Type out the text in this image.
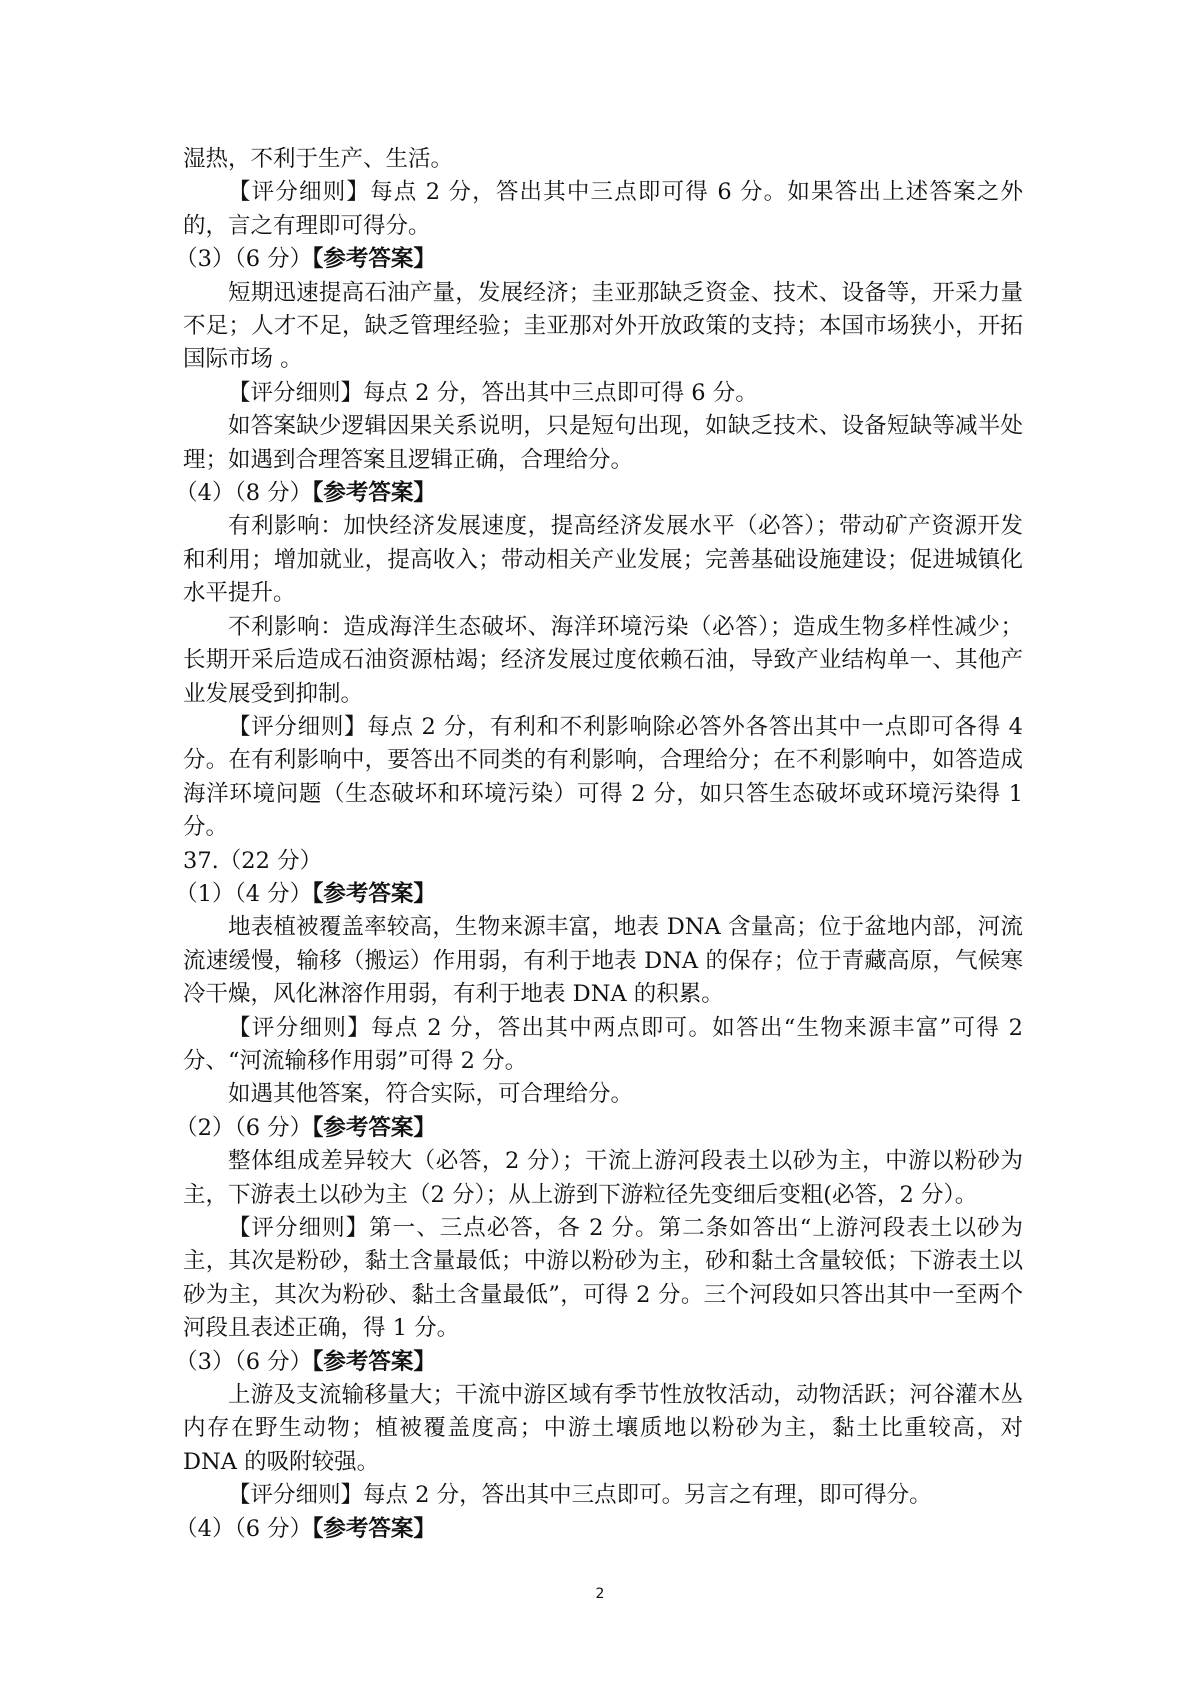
湿热，不利于生产、生活。

【评分细则】每点 2 分，答出其中三点即可得 6 分。如果答出上述答案之外的，言之有理即可得分。

（3）（6 分）【参考答案】

短期迅速提高石油产量，发展经济；圭亚那缺乏资金、技术、设备等，开采力量不足；人才不足，缺乏管理经验；圭亚那对外开放政策的支持；本国市场狭小，开拓国际市场 。

【评分细则】每点 2 分，答出其中三点即可得 6 分。

如答案缺少逻辑因果关系说明，只是短句出现，如缺乏技术、设备短缺等减半处理；如遇到合理答案且逻辑正确，合理给分。

（4）（8 分）【参考答案】

有利影响：加快经济发展速度，提高经济发展水平（必答）；带动矿产资源开发和利用；增加就业，提高收入；带动相关产业发展；完善基础设施建设；促进城镇化水平提升。

不利影响：造成海洋生态破坏、海洋环境污染（必答）；造成生物多样性减少；长期开采后造成石油资源枯竭；经济发展过度依赖石油，导致产业结构单一、其他产业发展受到抑制。

【评分细则】每点 2 分，有利和不利影响除必答外各答出其中一点即可各得 4 分。在有利影响中，要答出不同类的有利影响，合理给分；在不利影响中，如答造成海洋环境问题（生态破坏和环境污染）可得 2 分，如只答生态破坏或环境污染得 1 分。

37.（22 分）

（1）（4 分）【参考答案】

地表植被覆盖率较高，生物来源丰富，地表 DNA 含量高；位于盆地内部，河流流速缓慢，输移（搬运）作用弱，有利于地表 DNA 的保存；位于青藏高原，气候寒冷干燥，风化淋溶作用弱，有利于地表 DNA 的积累。

【评分细则】每点 2 分，答出其中两点即可。如答出“生物来源丰富”可得 2 分、“河流输移作用弱”可得 2 分。

如遇其他答案，符合实际，可合理给分。

（2）（6 分）【参考答案】

整体组成差异较大（必答，2 分）；干流上游河段表土以砂为主，中游以粉砂为主，下游表土以砂为主（2 分）；从上游到下游粒径先变细后变粗(必答，2 分）。

【评分细则】第一、三点必答，各 2 分。第二条如答出“上游河段表土以砂为主，其次是粉砂，黏土含量最低；中游以粉砂为主，砂和黏土含量较低；下游表土以砂为主，其次为粉砂、黏土含量最低”，可得 2 分。三个河段如只答出其中一至两个河段且表述正确，得 1 分。

（3）（6 分）【参考答案】

上游及支流输移量大；干流中游区域有季节性放牧活动，动物活跃；河谷灌木丛内存在野生动物；植被覆盖度高；中游土壤质地以粉砂为主，黏土比重较高，对 DNA 的吸附较强。

【评分细则】每点 2 分，答出其中三点即可。另言之有理，即可得分。

（4）（6 分）【参考答案】

2
